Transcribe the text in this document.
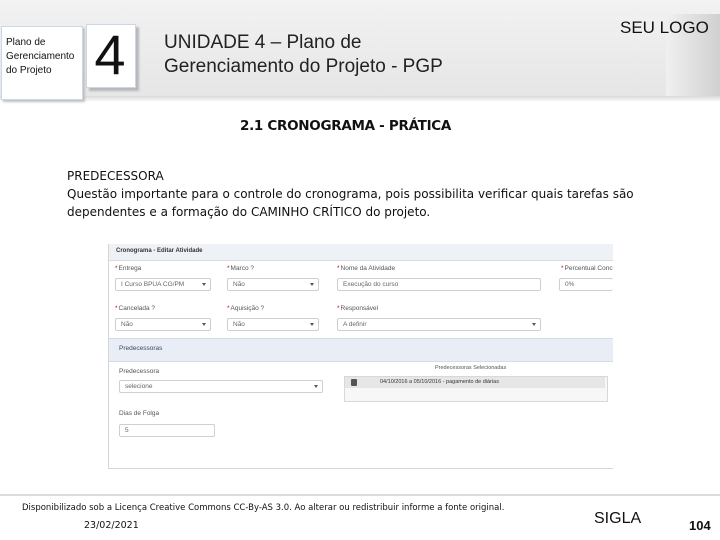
Plano de Gerenciamento do Projeto 4	UNIDADE 4 – Plano de Gerenciamento do Projeto - PGP
SEU LOGO
2.1 CRONOGRAMA - PRÁTICA
PREDECESSORA
Questão importante para o controle do cronograma, pois possibilita verificar quais tarefas são dependentes e a formação do CAMINHO CRÍTICO do projeto.
Cronograma - Editar Atividade
*Entrega
I Curso BPUA CG/PM
*Marco ?
Não
*Nome da Atividade
Execução do curso
*Percentual Conc
0%
*Cancelada ?
Não
*Aquisição ?
Não
*Responsável
A definir
Predecessoras
Predecessora
selecione
Predecessoras Selecionadas
04/10/2016 a 05/10/2016 - pagamento de diárias
Dias de Folga
5
Disponibilizado sob a Licença Creative Commons CC-By-AS 3.0. Ao alterar ou redistribuir informe a fonte original.
23/02/2021	SIGLA	104
